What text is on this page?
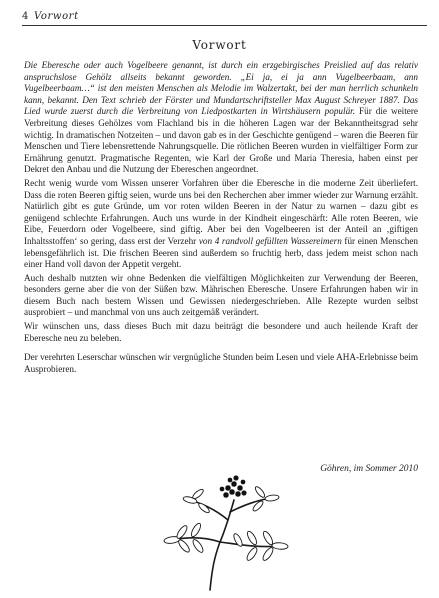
4 Vorwort
Vorwort

Die Eberesche oder auch Vogelbeere genannt, ist durch ein erzgebirgisches Preislied auf das relativ anspruchslose Gehölz allseits bekannt geworden. „Ei ja, ei ja ann Vugelbeerbaam, ann Vugelbeerbaam…“ ist den meisten Menschen als Melodie im Walzertakt, bei der man herrlich schunkeln kann, bekannt. Den Text schrieb der Förster und Mundartschriftsteller Max August Schreyer 1887. Das Lied wurde zuerst durch die Verbreitung von Liedpostkarten in Wirtshäusern populär. Für die weitere Verbreitung dieses Gehölzes vom Flachland bis in die höheren Lagen war der Bekanntheitsgrad sehr wichtig. In dramatischen Notzeiten – und davon gab es in der Geschichte genügend – waren die Beeren für Menschen und Tiere lebensrettende Nahrungsquelle. Die rötlichen Beeren wurden in vielfältiger Form zur Ernährung genutzt. Pragmatische Regenten, wie Karl der Große und Maria Theresia, haben einst per Dekret den Anbau und die Nutzung der Ebereschen angeordnet.

Recht wenig wurde vom Wissen unserer Vorfahren über die Eberesche in die moderne Zeit überliefert. Dass die roten Beeren giftig seien, wurde uns bei den Recherchen aber immer wieder zur Warnung erzählt. Natürlich gibt es gute Gründe, um vor roten wilden Beeren in der Natur zu warnen – dazu gibt es genügend schlechte Erfahrungen. Auch uns wurde in der Kindheit eingeschärft: Alle roten Beeren, wie Eibe, Feuerdorn oder Vogelbeere, sind giftig. Aber bei den Vogelbeeren ist der Anteil an ‚giftigen Inhaltsstoffen‘ so gering, dass erst der Verzehr von 4 randvoll gefüllten Wassereimern für einen Menschen lebensgefährlich ist. Die frischen Beeren sind außerdem so fruchtig herb, dass jedem meist schon nach einer Hand voll davon der Appetit vergeht.

Auch deshalb nutzten wir ohne Bedenken die vielfältigen Möglichkeiten zur Verwendung der Beeren, besonders gerne aber die von der Süßen bzw. Mährischen Eberesche. Unsere Erfahrungen haben wir in diesem Buch nach bestem Wissen und Gewissen niedergeschrieben. Alle Rezepte wurden selbst ausprobiert – und manchmal von uns auch zeitgemäß verändert.

Wir wünschen uns, dass dieses Buch mit dazu beiträgt die besondere und auch heilende Kraft der Eberesche neu zu beleben.

Der verehrten Leserschar wünschen wir vergnügliche Stunden beim Lesen und viele AHA-Erlebnisse beim Ausprobieren.

Göhren, im Sommer 2010
